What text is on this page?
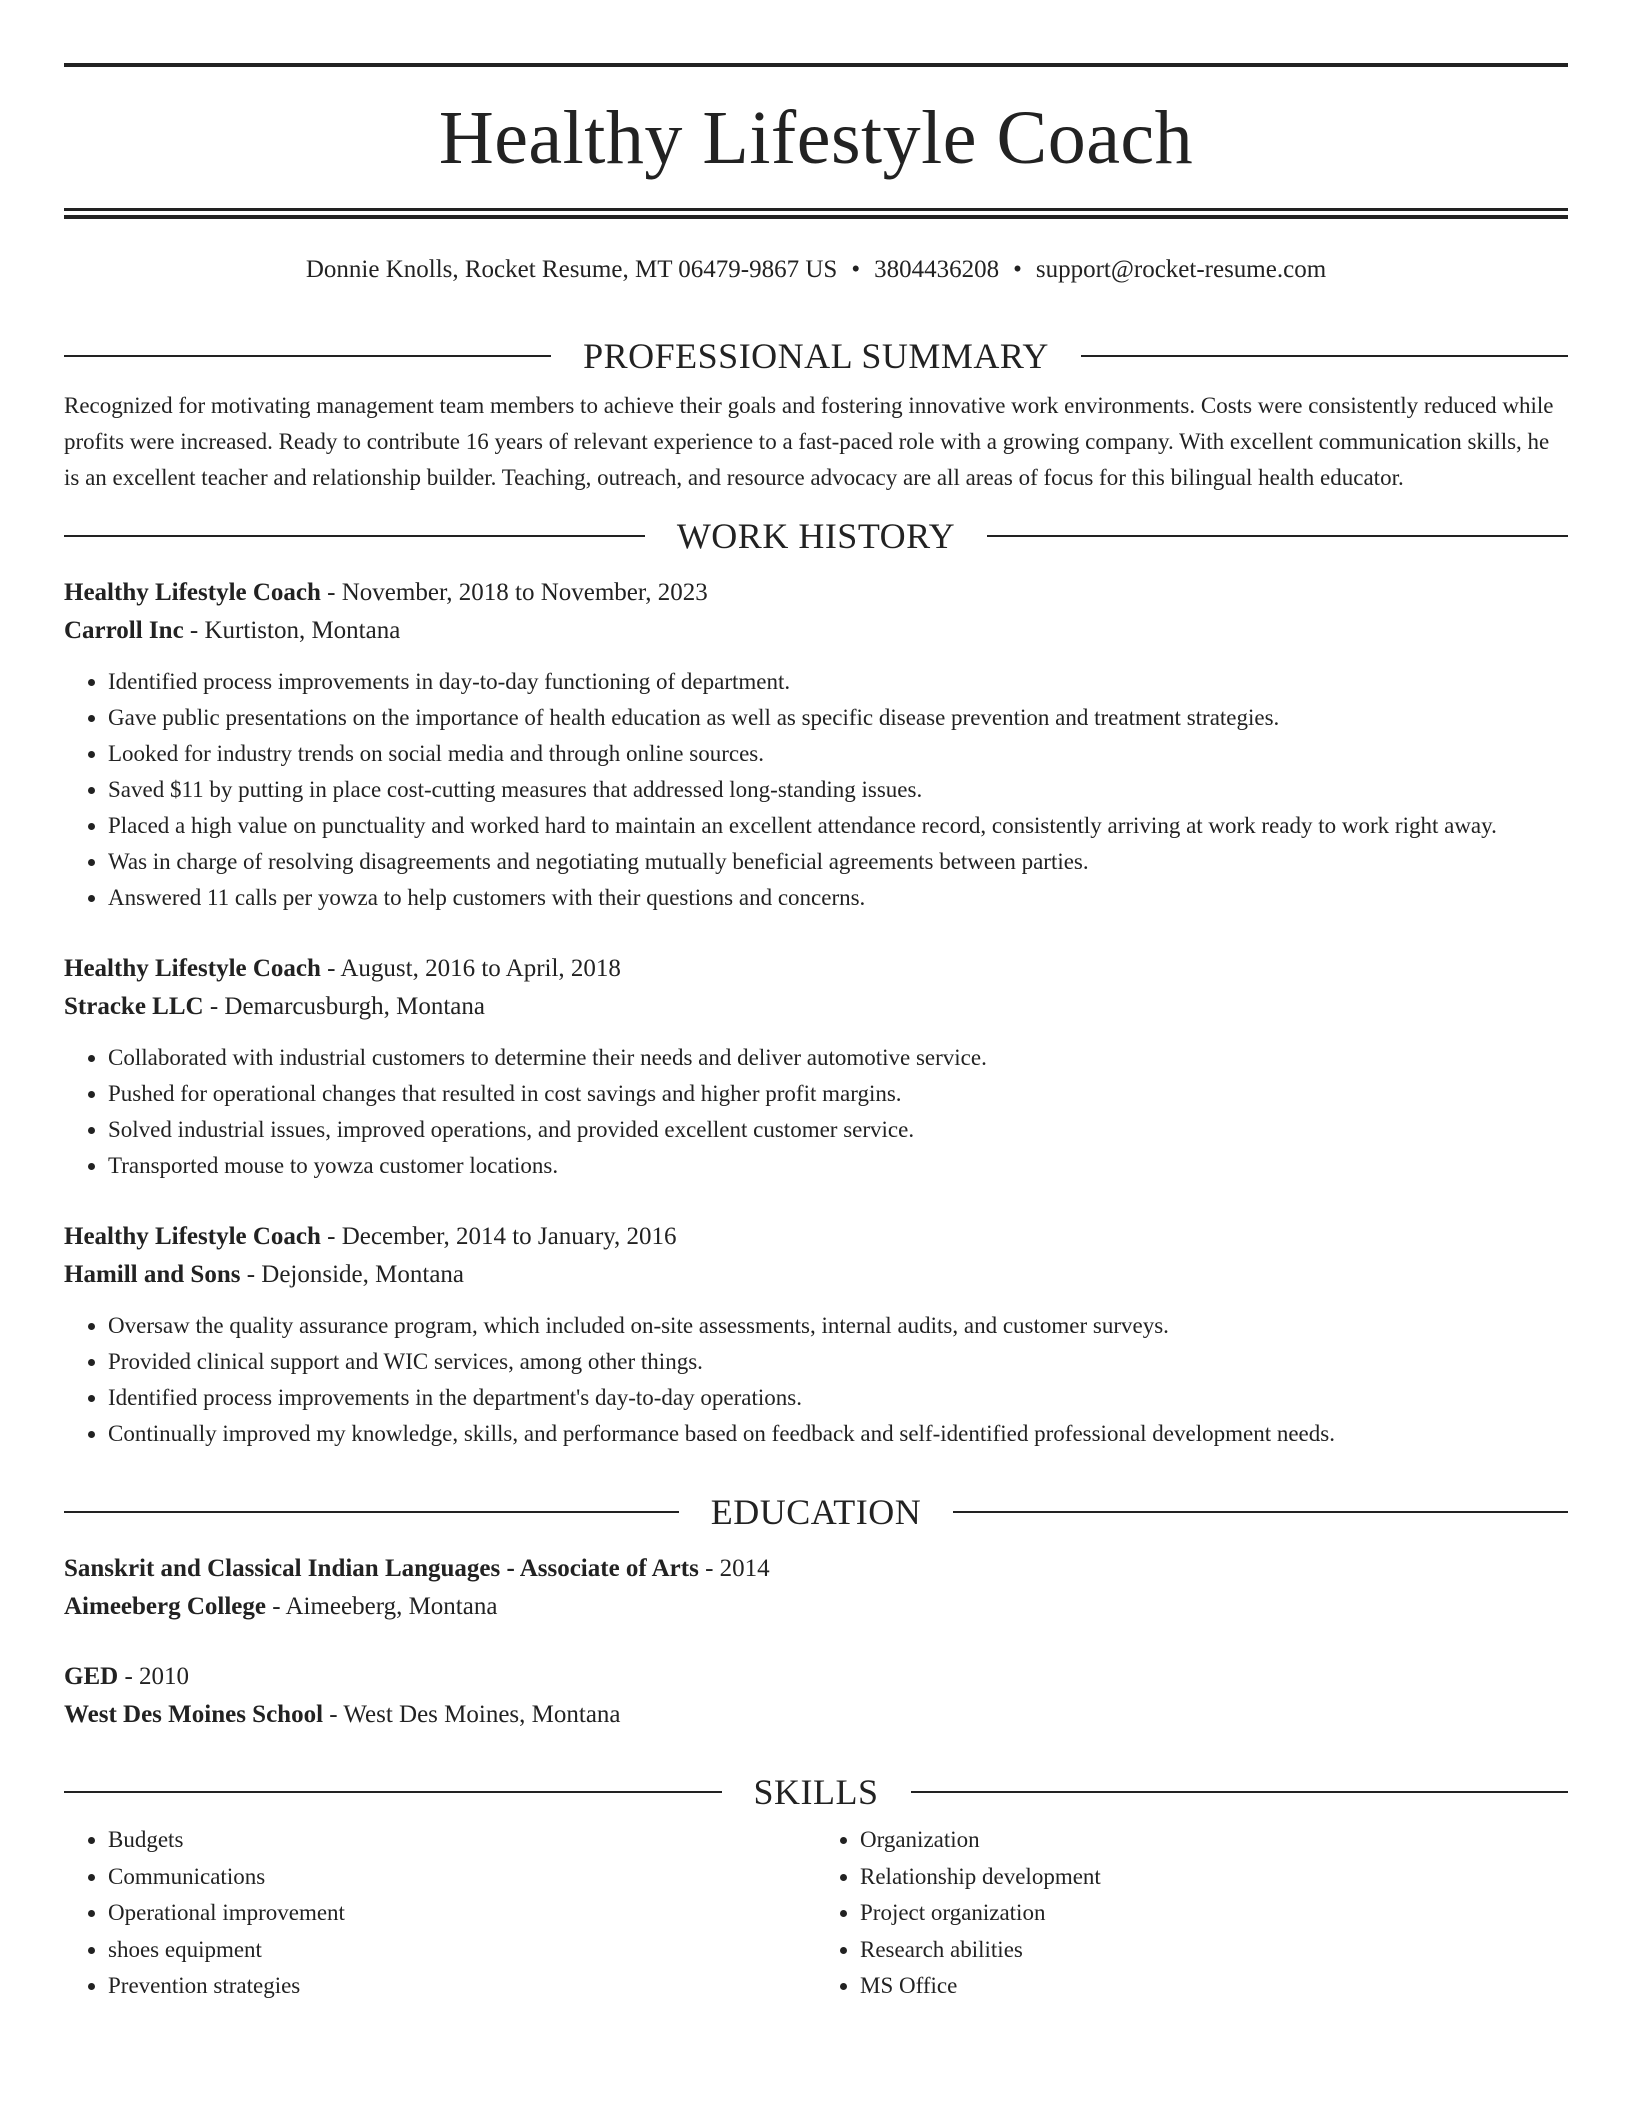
Healthy Lifestyle Coach
Donnie Knolls, Rocket Resume, MT 06479-9867 US • 3804436208 • support@rocket-resume.com
PROFESSIONAL SUMMARY

Recognized for motivating management team members to achieve their goals and fostering innovative work environments. Costs were consistently reduced while profits were increased. Ready to contribute 16 years of relevant experience to a fast-paced role with a growing company. With excellent communication skills, he is an excellent teacher and relationship builder. Teaching, outreach, and resource advocacy are all areas of focus for this bilingual health educator.

WORK HISTORY
Healthy Lifestyle Coach - November, 2018 to November, 2023
Carroll Inc - Kurtiston, Montana
• Identified process improvements in day-to-day functioning of department.
• Gave public presentations on the importance of health education as well as specific disease prevention and treatment strategies.
• Looked for industry trends on social media and through online sources.
• Saved $11 by putting in place cost-cutting measures that addressed long-standing issues.
• Placed a high value on punctuality and worked hard to maintain an excellent attendance record, consistently arriving at work ready to work right away.
• Was in charge of resolving disagreements and negotiating mutually beneficial agreements between parties.
• Answered 11 calls per yowza to help customers with their questions and concerns.
Healthy Lifestyle Coach - August, 2016 to April, 2018
Stracke LLC - Demarcusburgh, Montana
• Collaborated with industrial customers to determine their needs and deliver automotive service.
• Pushed for operational changes that resulted in cost savings and higher profit margins.
• Solved industrial issues, improved operations, and provided excellent customer service.
• Transported mouse to yowza customer locations.
Healthy Lifestyle Coach - December, 2014 to January, 2016
Hamill and Sons - Dejonside, Montana
• Oversaw the quality assurance program, which included on-site assessments, internal audits, and customer surveys.
• Provided clinical support and WIC services, among other things.
• Identified process improvements in the department's day-to-day operations.
• Continually improved my knowledge, skills, and performance based on feedback and self-identified professional development needs.
EDUCATION
Sanskrit and Classical Indian Languages - Associate of Arts - 2014
Aimeeberg College - Aimeeberg, Montana
GED - 2010
West Des Moines School - West Des Moines, Montana
SKILLS
• Budgets
• Communications
• Operational improvement
• shoes equipment
• Prevention strategies
• Organization
• Relationship development
• Project organization
• Research abilities
• MS Office
